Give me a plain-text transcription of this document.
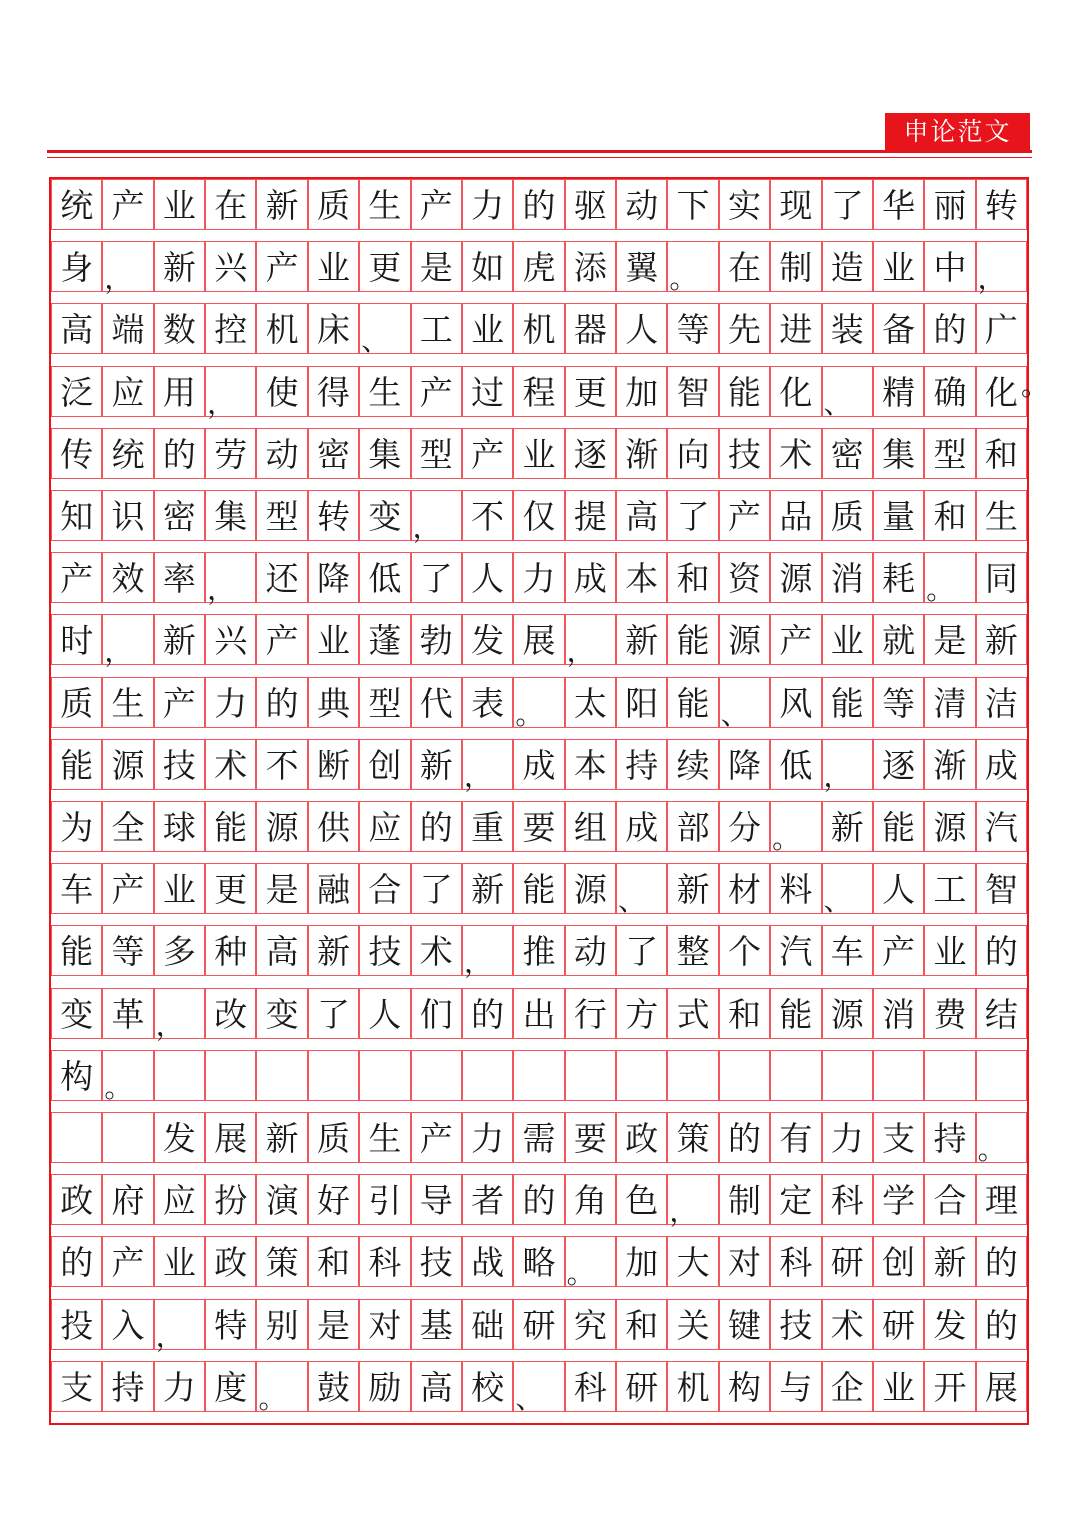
申论范文
统 产 业 在 新 质 生 产 力 的 驱 动 下 实 现 了 华 丽 转
身 ， 新 兴 产 业 更 是 如 虎 添 翼 。 在 制 造 业 中 ，
高 端 数 控 机 床 、 工 业 机 器 人 等 先 进 装 备 的 广
泛 应 用 ， 使 得 生 产 过 程 更 加 智 能 化 、 精 确 化 。
传 统 的 劳 动 密 集 型 产 业 逐 渐 向 技 术 密 集 型 和
知 识 密 集 型 转 变 ， 不 仅 提 高 了 产 品 质 量 和 生
产 效 率 ， 还 降 低 了 人 力 成 本 和 资 源 消 耗 。 同
时 ， 新 兴 产 业 蓬 勃 发 展 ， 新 能 源 产 业 就 是 新
质 生 产 力 的 典 型 代 表 。 太 阳 能 、 风 能 等 清 洁
能 源 技 术 不 断 创 新 ， 成 本 持 续 降 低 ， 逐 渐 成
为 全 球 能 源 供 应 的 重 要 组 成 部 分 。 新 能 源 汽
车 产 业 更 是 融 合 了 新 能 源 、 新 材 料 、 人 工 智
能 等 多 种 高 新 技 术 ， 推 动 了 整 个 汽 车 产 业 的
变 革 ， 改 变 了 人 们 的 出 行 方 式 和 能 源 消 费 结
构 。
发 展 新 质 生 产 力 需 要 政 策 的 有 力 支 持 。
政 府 应 扮 演 好 引 导 者 的 角 色 ， 制 定 科 学 合 理
的 产 业 政 策 和 科 技 战 略 。 加 大 对 科 研 创 新 的
投 入 ， 特 别 是 对 基 础 研 究 和 关 键 技 术 研 发 的
支 持 力 度 。 鼓 励 高 校 、 科 研 机 构 与 企 业 开 展
